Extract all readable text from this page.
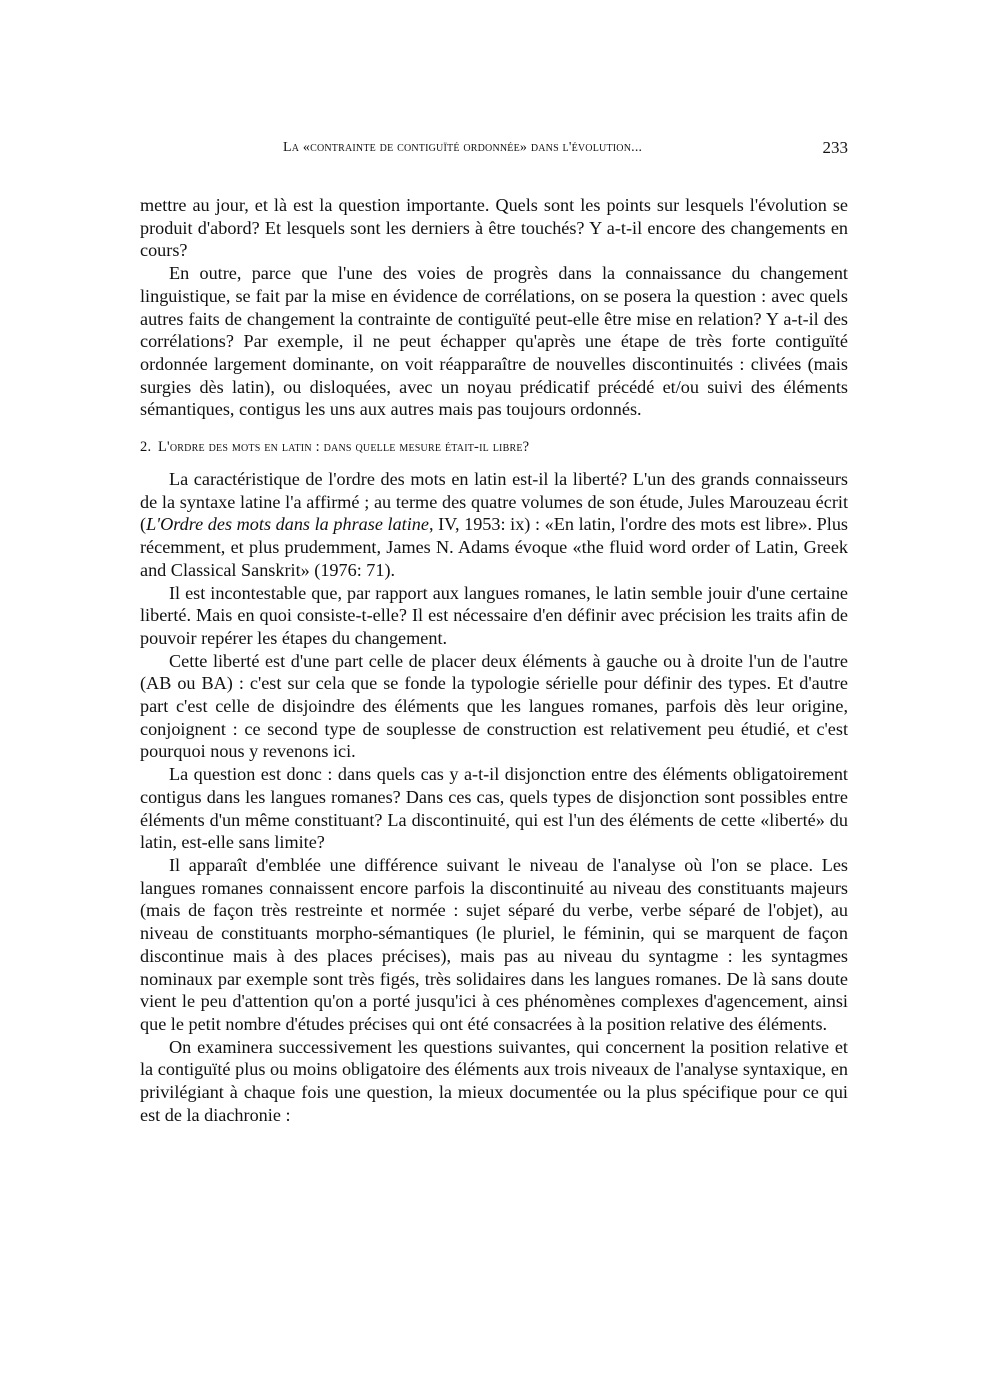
La «contrainte de contiguïté ordonnée» dans l'évolution...	233

mettre au jour, et là est la question importante. Quels sont les points sur lesquels l'évolution se produit d'abord? Et lesquels sont les derniers à être touchés? Y a-t-il encore des changements en cours?

En outre, parce que l'une des voies de progrès dans la connaissance du changement linguistique, se fait par la mise en évidence de corrélations, on se posera la question : avec quels autres faits de changement la contrainte de contiguïté peut-elle être mise en relation? Y a-t-il des corrélations? Par exemple, il ne peut échapper qu'après une étape de très forte contiguïté ordonnée largement dominante, on voit réapparaître de nouvelles discontinuités : clivées (mais surgies dès latin), ou disloquées, avec un noyau prédicatif précédé et/ou suivi des éléments sémantiques, contigus les uns aux autres mais pas toujours ordonnés.

2. L'ordre des mots en latin : dans quelle mesure était-il libre?

La caractéristique de l'ordre des mots en latin est-il la liberté? L'un des grands connaisseurs de la syntaxe latine l'a affirmé ; au terme des quatre volumes de son étude, Jules Marouzeau écrit (L'Ordre des mots dans la phrase latine, IV, 1953: ix) : «En latin, l'ordre des mots est libre». Plus récemment, et plus prudemment, James N. Adams évoque «the fluid word order of Latin, Greek and Classical Sanskrit» (1976: 71).

Il est incontestable que, par rapport aux langues romanes, le latin semble jouir d'une certaine liberté. Mais en quoi consiste-t-elle? Il est nécessaire d'en définir avec précision les traits afin de pouvoir repérer les étapes du changement.

Cette liberté est d'une part celle de placer deux éléments à gauche ou à droite l'un de l'autre (AB ou BA) : c'est sur cela que se fonde la typologie sérielle pour définir des types. Et d'autre part c'est celle de disjoindre des éléments que les langues romanes, parfois dès leur origine, conjoignent : ce second type de souplesse de construction est relativement peu étudié, et c'est pourquoi nous y revenons ici.

La question est donc : dans quels cas y a-t-il disjonction entre des éléments obligatoirement contigus dans les langues romanes? Dans ces cas, quels types de disjonction sont possibles entre éléments d'un même constituant? La discontinuité, qui est l'un des éléments de cette «liberté» du latin, est-elle sans limite?

Il apparaît d'emblée une différence suivant le niveau de l'analyse où l'on se place. Les langues romanes connaissent encore parfois la discontinuité au niveau des constituants majeurs (mais de façon très restreinte et normée : sujet séparé du verbe, verbe séparé de l'objet), au niveau de constituants morpho-sémantiques (le pluriel, le féminin, qui se marquent de façon discontinue mais à des places précises), mais pas au niveau du syntagme : les syntagmes nominaux par exemple sont très figés, très solidaires dans les langues romanes. De là sans doute vient le peu d'attention qu'on a porté jusqu'ici à ces phénomènes complexes d'agencement, ainsi que le petit nombre d'études précises qui ont été consacrées à la position relative des éléments.

On examinera successivement les questions suivantes, qui concernent la position relative et la contiguïté plus ou moins obligatoire des éléments aux trois niveaux de l'analyse syntaxique, en privilégiant à chaque fois une question, la mieux documentée ou la plus spécifique pour ce qui est de la diachronie :
